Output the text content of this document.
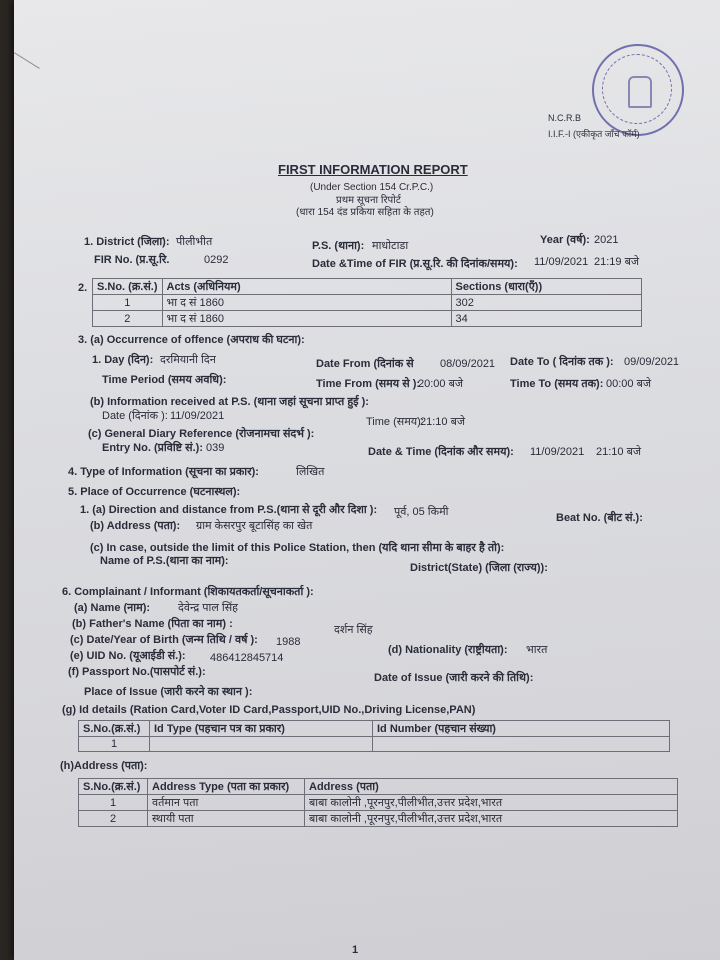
N.C.R.B
I.I.F.-I (एकीकृत जाँच फॉर्म)
FIRST INFORMATION REPORT
(Under Section 154 Cr.P.C.)
प्रथम सूचना रिपोर्ट
(धारा 154 दंड प्रकिया सहिता के तहत)
1. District (जिला): पीलीभीत	P.S. (थाना): माधोटाडा	Year (वर्ष): 2021
FIR No. (प्र.सू.रि.	0292	Date &Time of FIR (प्र.सू.रि. की दिनांक/समय): 11/09/2021 21:19 बजे
2. S.No. (क्र.सं.)	Acts (अधिनियम)	Sections (धारा(एँ))
1	भा द सं 1860	302
2	भा द सं 1860	34
3. (a) Occurrence of offence (अपराध की घटना):
1. Day (दिन): दरमियानी दिन	Date From (दिनांक से 08/09/2021 Date To ( दिनांक तक ): 09/09/2021
Time Period (समय अवधि):	Time From (समय से ):
20:00 बजे	Time To (समय तक): 00:00 बजे
(b) Information received at P.S. (थाना जहां सूचना प्राप्त हुई ):
Date (दिनांक ): 11/09/2021	Time (समय):
21:10 बजे
(c) General Diary Reference (रोजनामचा संदर्भ ):
Entry No. (प्रविष्टि सं.): 039	Date & Time (दिनांक और समय): 11/09/2021 21:10 बजे
4. Type of Information (सूचना का प्रकार):	लिखित
5. Place of Occurrence (घटनास्थल):
1. (a) Direction and distance from P.S.(थाना से दूरी और दिशा ): पूर्व, 05 किमी	Beat No. (बीट सं.):
(b) Address (पता): ग्राम केसरपुर बूटासिंह का खेत
(c) In case, outside the limit of this Police Station, then (यदि थाना सीमा के बाहर है तो):
Name of P.S.(थाना का नाम):
District(State) (जिला (राज्य)):
6. Complainant / Informant (शिकायतकर्ता/सूचनाकर्ता ):
(a) Name (नाम):	देवेन्द्र पाल सिंह
(b) Father's Name (पिता का नाम) :	दर्शन सिंह
(c) Date/Year of Birth (जन्म तिथि / वर्ष ): 1988
(d) Nationality (राष्ट्रीयता): भारत
(e) UID No. (यूआईडी सं.): 486412845714
(f) Passport No.(पासपोर्ट सं.):	Date of Issue (जारी करने की तिथि):
Place of Issue (जारी करने का स्थान ):
(g) Id details (Ration Card,Voter ID Card,Passport,UID No.,Driving License,PAN)
S.No.(क्र.सं.)	Id Type (पहचान पत्र का प्रकार)	Id Number (पहचान संख्या)
1		
(h)Address (पता):
S.No.(क्र.सं.)	Address Type (पता का प्रकार)	Address (पता)
1	वर्तमान पता	बाबा कालोनी ,पूरनपुर,पीलीभीत,उत्तर प्रदेश,भारत
2	स्थायी पता	बाबा कालोनी ,पूरनपुर,पीलीभीत,उत्तर प्रदेश,भारत
1
